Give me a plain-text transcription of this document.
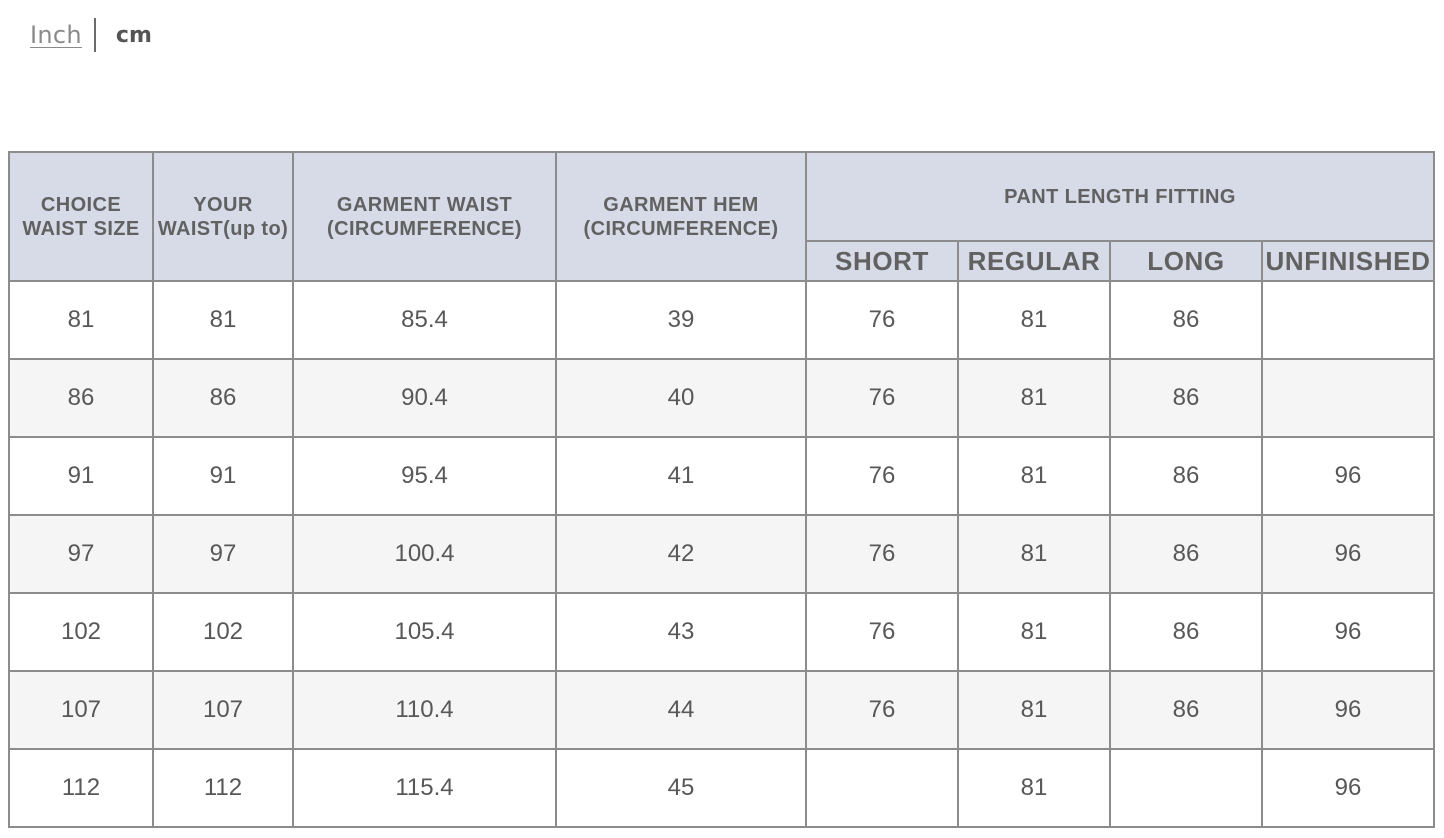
Inch cm
CHOICE WAIST SIZE	YOUR WAIST(up to)	GARMENT WAIST (CIRCUMFERENCE)	GARMENT HEM (CIRCUMFERENCE)	PANT LENGTH FITTING			
				SHORT	REGULAR	LONG	UNFINISHED
81	81	85.4	39	76	81	86	
86	86	90.4	40	76	81	86	
91	91	95.4	41	76	81	86	96
97	97	100.4	42	76	81	86	96
102	102	105.4	43	76	81	86	96
107	107	110.4	44	76	81	86	96
112	112	115.4	45		81		96
